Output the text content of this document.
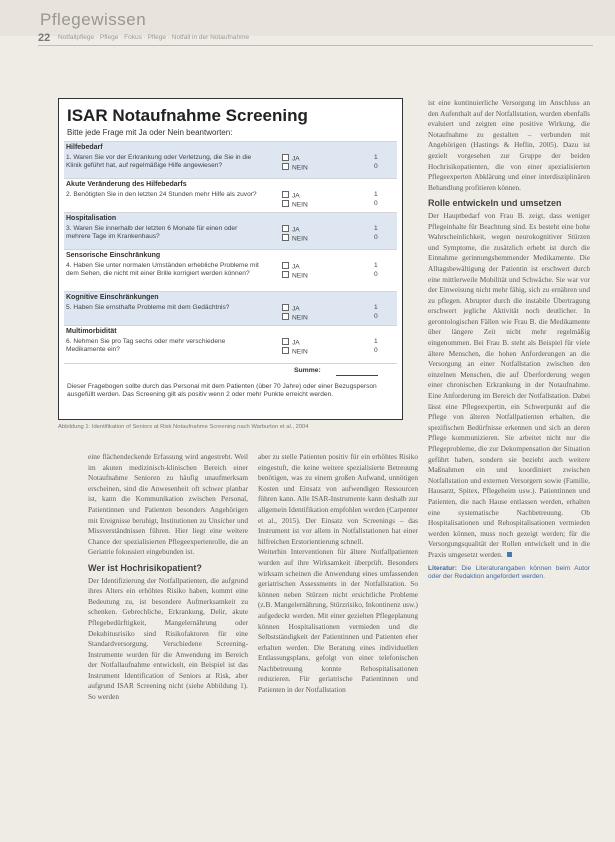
Pflegewissen
22 Notfallpflege · Pflege · Fokus · Pflege · Notfall in der Notaufnahme
ISAR Notaufnahme Screening
Bitte jede Frage mit Ja oder Nein beantworten:
Hilfebedarf
1. Waren Sie vor der Erkrankung oder Verletzung, die Sie in die Klinik geführt hat, auf regelmäßige Hilfe angewiesen?
JA
NEIN
1
0
Akute Veränderung des Hilfebedarfs
2. Benötigten Sie in den letzten 24 Stunden mehr Hilfe als zuvor?	JA
NEIN
1
0
Hospitalisation
3. Waren Sie innerhalb der letzten 6 Monate für einen oder mehrere Tage im Krankenhaus?
JA
NEIN
1
0
Sensorische Einschränkung
4. Haben Sie unter normalen Umständen erhebliche Probleme mit dem Sehen, die nicht mit einer Brille korrigiert werden können?
JA
NEIN
1
0
Kognitive Einschränkungen
5. Haben Sie ernsthafte Probleme mit dem Gedächtnis?	JA
NEIN
1
0
Multimorbidität
6. Nehmen Sie pro Tag sechs oder mehr verschiedene Medikamente ein?
JA
NEIN
1
0
Summe:
Dieser Fragebogen sollte durch das Personal mit dem Patienten (über 70 Jahre) oder einer Bezugsperson ausgefüllt werden. Das Screening gilt als positiv wenn 2 oder mehr Punkte erreicht werden.
Abbildung 1: Identifikation of Seniors at Risk Notaufnahme Screening nach Warburton et al., 2004

eine flächendeckende Erfassung wird angestrebt. Weil im akuten medizinisch-klinischen Bereich einer Notaufnahme Senioren zu häufig unaufmerksam erscheinen, sind die Anwesenheit oft schwer planbar ist, kann die Kommunikation zwischen Personal, Patientinnen und Patienten besonders Angehörigen mit Ereignisse beruhigt, Institutionen zu Unsicher und Missverständnissen führen. Hier liegt eine weitere Chance der spezialisierten Pflegeexpertenrolle, die an Geriatrie fokussiert eingebunden ist.

Wer ist Hochrisikopatient?

Der Identifizierung der Notfallpatienten, die aufgrund ihres Alters ein erhöhtes Risiko haben, kommt eine Bedeutung zu, ist besondere Aufmerksamkeit zu schenken. Gebrechliche, Erkrankung, Delir, akute Pflegebedürftigkeit, Mangelernährung oder Dekubitusrisiko sind Risikofaktoren für eine Standardversorgung. Verschiedene Screening-Instrumente wurden für die Anwendung im Bereich der Notfallaufnahme entwickelt, ein Beispiel ist das Instrument Identification of Seniors at Risk, aber aufgrund ISAR Screening nicht (siehe Abbildung 1). So werden

aber zu stelle Patienten positiv für ein erhöhtes Risiko eingestuft, die keine weitere spezialisierte Betreuung benötigen, was zu einem großen Aufwand, unnötigen Kosten und Einsatz von aufwendigen Ressourcen führen kann. Alle ISAR-Instrumente kann deshalb zur allgemein Identifikation empfohlen werden (Carpenter et al., 2015). Der Einsatz von Screenings – das Instrument ist vor allem in Notfallstationen hat einer hilfreichen Erstorientierung schnell.

Weiterhin Interventionen für ältere Notfallpatienten wurden auf ihre Wirksamkeit überprüft. Besonders wirksam scheinen die Anwendung eines umfassenden geriatrischen Assessments in der Notfallstation. So können neben Stürzen nicht ersichtliche Probleme (z.B. Mangelernährung, Stürzrisiko, Inkontinenz usw.) aufgedeckt werden. Mit einer gezielten Pflegeplanung können Hospitalisationen vermieden und die Selbstständigkeit der Patientinnen und Patienten eher erhalten werden. Die Beratung eines individuellen Entlassungsplans, gefolgt von einer telefonischen Nachbetreuung konnte Rehospitalisationen reduzieren. Für geriatrische Patientinnen und Patienten in der Notfallstation

ist eine kontinuierliche Versorgung im Anschluss an den Aufenthalt auf der Notfallstation, wurden ebenfalls evaluiert und zeigten eine positive Wirkung, die Notaufnahme zu gestalten – verbunden mit Angehörigen (Hastings & Heflin, 2005). Dazu ist gezielt vorgesehen zur Gruppe der beiden Hochrisikopatienten, die von einer spezialisierten Pflegeexperten Abklärung und einer interdisziplinären Behandlung profitieren können.

Rolle entwickeln und umsetzen

Der Hauptbedarf von Frau B. zeigt, dass weniger Pflegeinhalte für Beachtung sind. Es besteht eine hohe Wahrscheinlichkeit, wegen neurokognitiver Stürzen und Symptome, die zusätzlich erhebt ist durch die Einnahme gerinnungshemmender Medikamente. Die Alltagsbewältigung der Patientin ist erschwert durch eine mittlerweile Mobilität und Schwäche. Sie war vor der Einweisung nicht mehr fähig, sich zu ernähren und zu pflegen. Abrupter durch die instabile Übertragung erschwert jegliche Aktivität noch deutlicher. In gerontologischen Fällen wie Frau B. die Medikamente über längere Zeit nicht mehr regelmäßig eingenommen. Bei Frau B. steht als Beispiel für viele ältere Menschen, die hohen Anforderungen an die Versorgung an einer Notfallstation zwischen den einzelnen Menschen, die auf Überforderung wegen einer chronischen Erkrankung in der Notaufnahme. Eine Anforderung im Bereich der Notfallstation. Dabei lässt eine Pflegeexpertin, ein Schwerpunkt auf die Pflege von älteren Notfallpatienten erhalten, die spezifischen Bedürfnisse erkennen und sich an deren Pflege kommunizieren. Sie arbeitet nicht nur die Pflegeprobleme, die zur Dekompensation der Situation geführt haben, sondern sie bezieht auch weitere Maßnahmen ein und koordiniert zwischen Notfallstation und externen Versorgern sowie (Familie, Hausarzt, Spitex, Pflegeheim usw.). Patientinnen und Patienten, die nach Hause entlassen werden, erhalten eine systematische Nachbetreuung. Ob Hospitalisationen und Rehospitalisationen vermieden werden können, muss noch gezeigt werden; für die Versorgungsqualität der Rollen entwickelt und in die Praxis umgesetzt werden.

Literatur: Die Literaturangaben können beim Autor oder der Redaktion angefordert werden.
